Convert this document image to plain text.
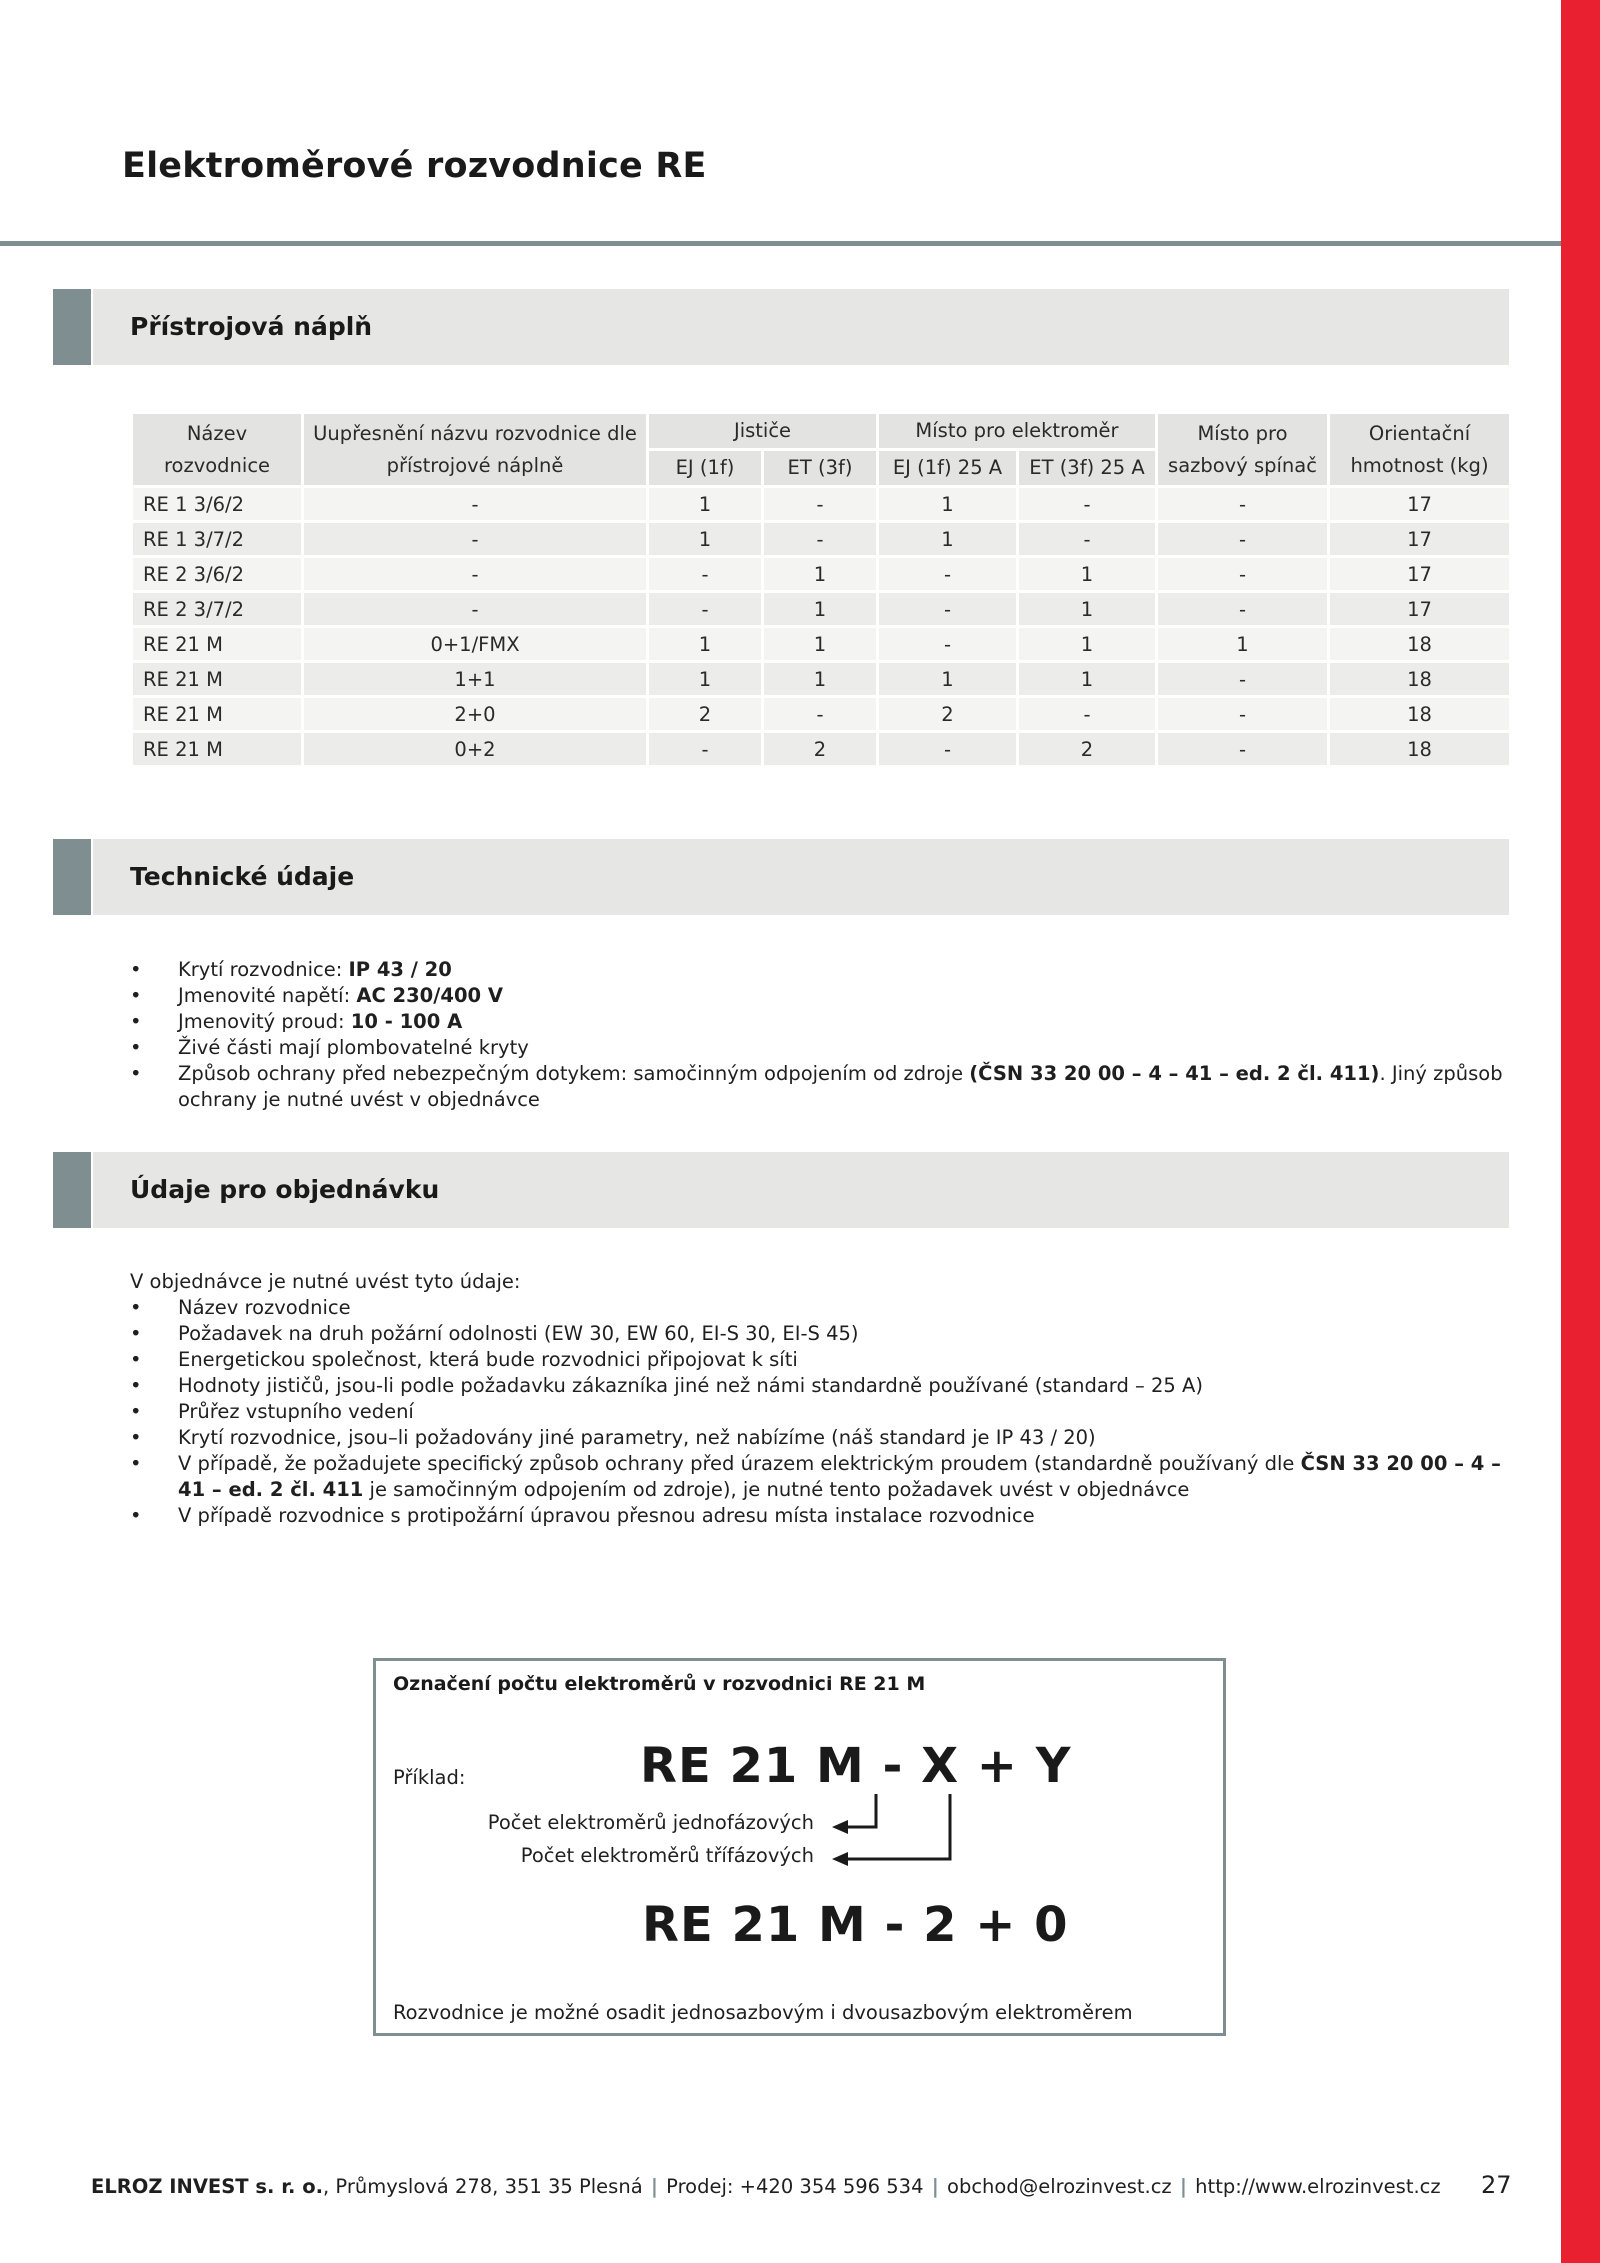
Elektroměrové rozvodnice RE
Přístrojová náplň
Název rozvodnice	Uupřesnění názvu rozvodnice dle přístrojové náplně	Jističe		Místo pro elektroměr		Místo pro sazbový spínač	Orientační hmotnost (kg)
		EJ (1f)	ET (3f)	EJ (1f) 25 A	ET (3f) 25 A		
RE 1 3/6/2	-	1	-	1	-	-	17
RE 1 3/7/2	-	1	-	1	-	-	17
RE 2 3/6/2	-	-	1	-	1	-	17
RE 2 3/7/2	-	-	1	-	1	-	17
RE 21 M	0+1/FMX	1	1	-	1	1	18
RE 21 M	1+1	1	1	1	1	-	18
RE 21 M	2+0	2	-	2	-	-	18
RE 21 M	0+2	-	2	-	2	-	18
Technické údaje
• Krytí rozvodnice: IP 43 / 20
• Jmenovité napětí: AC 230/400 V
• Jmenovitý proud: 10 - 100 A
• Živé části mají plombovatelné kryty
• Způsob ochrany před nebezpečným dotykem: samočinným odpojením od zdroje (ČSN 33 20 00 – 4 – 41 – ed. 2 čl. 411). Jiný způsob ochrany je nutné uvést v objednávce
Údaje pro objednávku
V objednávce je nutné uvést tyto údaje:
• Název rozvodnice
• Požadavek na druh požární odolnosti (EW 30, EW 60, EI-S 30, EI-S 45)
• Energetickou společnost, která bude rozvodnici připojovat k síti
• Hodnoty jističů, jsou-li podle požadavku zákazníka jiné než námi standardně používané (standard – 25 A)
• Průřez vstupního vedení
• Krytí rozvodnice, jsou–li požadovány jiné parametry, než nabízíme (náš standard je IP 43 / 20)
• V případě, že požadujete specifický způsob ochrany před úrazem elektrickým proudem (standardně používaný dle ČSN 33 20 00 – 4 – 41 – ed. 2 čl. 411 je samočinným odpojením od zdroje), je nutné tento požadavek uvést v objednávce
• V případě rozvodnice s protipožární úpravou přesnou adresu místa instalace rozvodnice
Označení počtu elektroměrů v rozvodnici RE 21 M
Příklad:	RE 21 M - X + Y
Počet elektroměrů jednofázových
Počet elektroměrů třífázových
RE 21 M - 2 + 0
Rozvodnice je možné osadit jednosazbovým i dvousazbovým elektroměrem
ELROZ INVEST s. r. o., Průmyslová 278, 351 35 Plesná | Prodej: +420 354 596 534 | obchod@elrozinvest.cz | http://www.elrozinvest.cz 27
